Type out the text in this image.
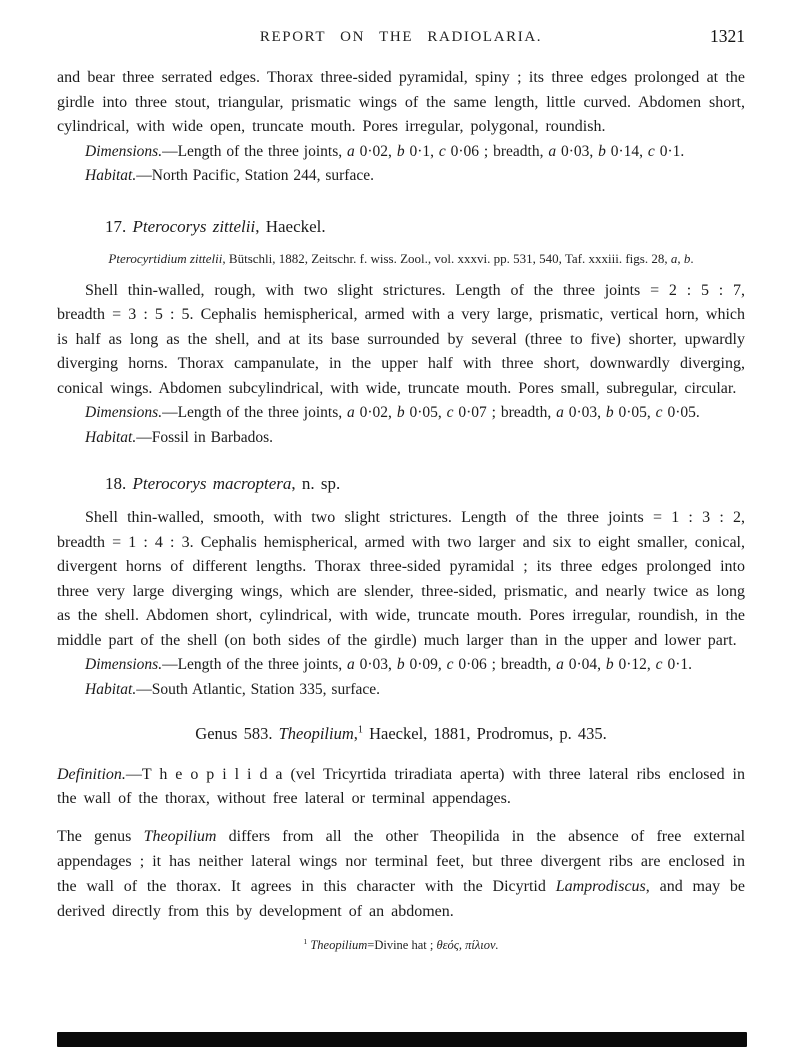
REPORT ON THE RADIOLARIA.	1321

and bear three serrated edges. Thorax three-sided pyramidal, spiny ; its three edges prolonged at the girdle into three stout, triangular, prismatic wings of the same length, little curved. Abdomen short, cylindrical, with wide open, truncate mouth. Pores irregular, polygonal, roundish.

Dimensions.—Length of the three joints, a 0·02, b 0·1, c 0·06 ; breadth, a 0·03, b 0·14, c 0·1.

Habitat.—North Pacific, Station 244, surface.

17. Pterocorys zittelii, Haeckel.

Pterocyrtidium zittelii, Bütschli, 1882, Zeitschr. f. wiss. Zool., vol. xxxvi. pp. 531, 540, Taf. xxxiii. figs. 28, a, b.

Shell thin-walled, rough, with two slight strictures. Length of the three joints = 2 : 5 : 7, breadth = 3 : 5 : 5. Cephalis hemispherical, armed with a very large, prismatic, vertical horn, which is half as long as the shell, and at its base surrounded by several (three to five) shorter, upwardly diverging horns. Thorax campanulate, in the upper half with three short, downwardly diverging, conical wings. Abdomen subcylindrical, with wide, truncate mouth. Pores small, subregular, circular.

Dimensions.—Length of the three joints, a 0·02, b 0·05, c 0·07 ; breadth, a 0·03, b 0·05, c 0·05.

Habitat.—Fossil in Barbados.

18. Pterocorys macroptera, n. sp.

Shell thin-walled, smooth, with two slight strictures. Length of the three joints = 1 : 3 : 2, breadth = 1 : 4 : 3. Cephalis hemispherical, armed with two larger and six to eight smaller, conical, divergent horns of different lengths. Thorax three-sided pyramidal ; its three edges prolonged into three very large diverging wings, which are slender, three-sided, prismatic, and nearly twice as long as the shell. Abdomen short, cylindrical, with wide, truncate mouth. Pores irregular, roundish, in the middle part of the shell (on both sides of the girdle) much larger than in the upper and lower part.

Dimensions.—Length of the three joints, a 0·03, b 0·09, c 0·06 ; breadth, a 0·04, b 0·12, c 0·1.

Habitat.—South Atlantic, Station 335, surface.

Genus 583. Theopilium,$^1$ Haeckel, 1881, Prodromus, p. 435.

Definition.—T h e o p i l i d a (vel Tricyrtida triradiata aperta) with three lateral ribs enclosed in the wall of the thorax, without free lateral or terminal appendages.

The genus Theopilium differs from all the other Theopilida in the absence of free external appendages ; it has neither lateral wings nor terminal feet, but three divergent ribs are enclosed in the wall of the thorax. It agrees in this character with the Dicyrtid Lamprodiscus, and may be derived directly from this by development of an abdomen.

$^1$ Theopilium=Divine hat ; θεός, πίλιον.
